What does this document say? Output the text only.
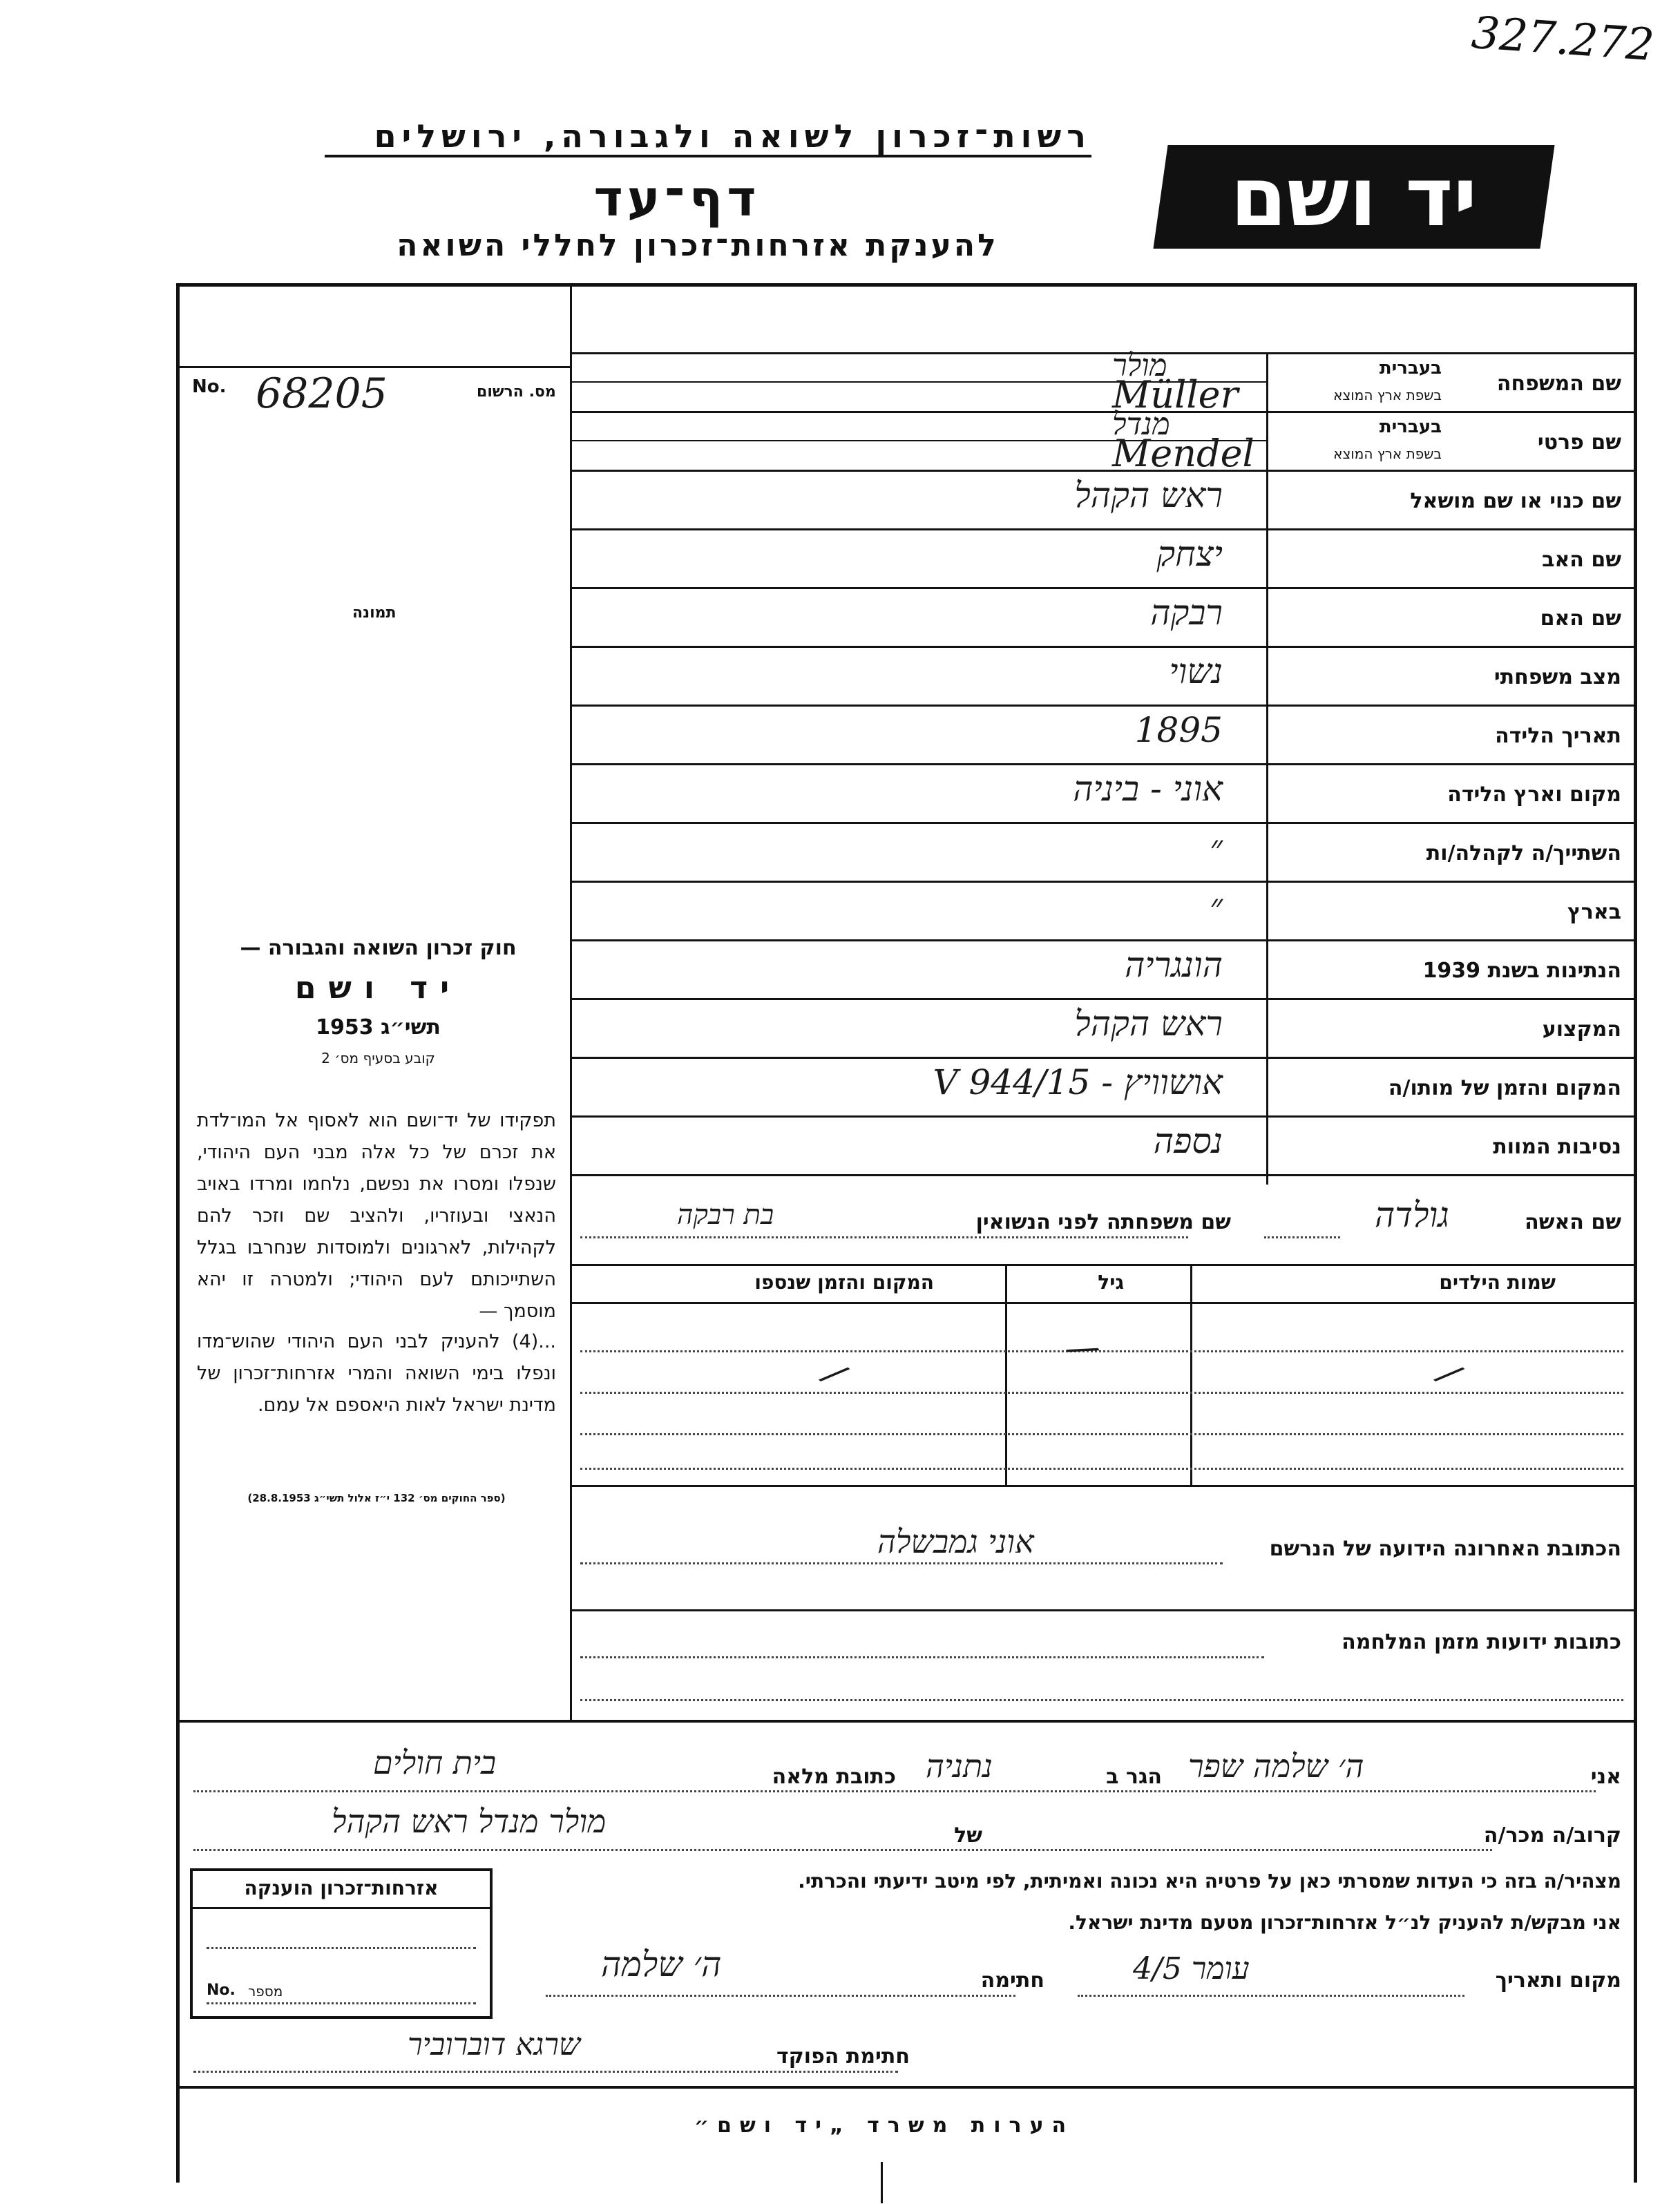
327.272
רשות־זכרון לשואה ולגבורה, ירושלים
דף־עד
להענקת אזרחות־זכרון לחללי השואה
יד ושם
No. 68205	מס. הרשום
תמונה
חוק זכרון השואה והגבורה —
יד ושם
תשי״ג 1953
קובע בסעיף מס׳ 2
תפקידו של יד־ושם הוא לאסוף אל המו־לדת את זכרם של כל אלה מבני העם היהודי, שנפלו ומסרו את נפשם, נלחמו ומרדו באויב הנאצי ובעוזריו, ולהציב שם וזכר להם לקהילות, לארגונים ולמוסדות שנחרבו בגלל השתייכותם לעם היהודי; ולמטרה זו יהא מוסמך —
...(4) להעניק לבני העם היהודי שהוש־מדו ונפלו בימי השואה והמרי אזרחות־זכרון של מדינת ישראל לאות היאספם אל עמם.
(ספר החוקים מס׳ 132 י״ז אלול תשי״ג 28.8.1953)
שם המשפחה
בעברית
בשפת ארץ המוצא
מולר
Müller
שם פרטי
בעברית
בשפת ארץ המוצא
מנדל
Mendel
שם כנוי או שם מושאל
ראש הקהל
שם האב
יצחק
שם האם
רבקה
מצב משפחתי
נשוי
תאריך הלידה
1895
מקום וארץ הלידה
אוני - ביניה
השתייך/ה לקהלה/ות
״
בארץ
״
הנתינות בשנת 1939
הונגריה
המקצוע
ראש הקהל
המקום והזמן של מותו/ה
אושוויץ - 15/V 944
נסיבות המוות
נספה
שם האשה
גולדה
שם משפחתה לפני הנשואין
בת רבקה
שמות הילדים
גיל
המקום והזמן שנספו
/
/
/
הכתובת האחרונה הידועה של הנרשם
אוני גמבשלה
כתובות ידועות מזמן המלחמה
אני
ה׳ שלמה שפר
הגר ב
נתניה
כתובת מלאה
בית חולים
קרוב/ה מכר/ה
של
מולר מנדל ראש הקהל
מצהיר/ה בזה כי העדות שמסרתי כאן על פרטיה היא נכונה ואמיתית, לפי מיטב ידיעתי והכרתי.
אני מבקש/ת להעניק לנ״ל אזרחות־זכרון מטעם מדינת ישראל.
מקום ותאריך
עומר 4/5
חתימה
ה׳ שלמה
חתימת הפוקד
שרגא דוברוביר
אזרחות־זכרון הוענקה
No. מספר
הערות משרד „יד ושם״
